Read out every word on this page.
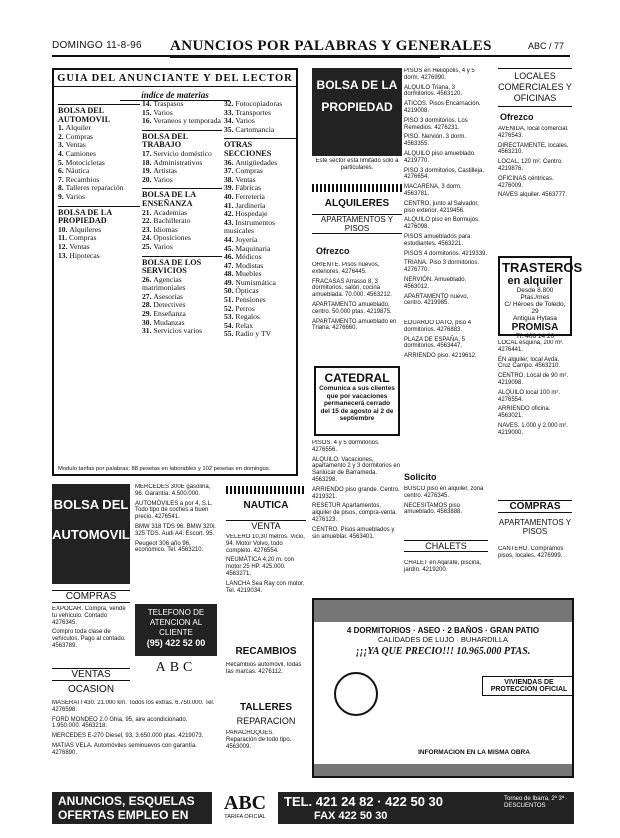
DOMINGO 11-8-96 ANUNCIOS POR PALABRAS Y GENERALES	ABC / 77
GUIA DEL ANUNCIANTE Y DEL LECTOR
índice de materias
BOLSA DEL AUTOMOVIL
1. Alquiler
2. Compras
3. Ventas
4. Camiones
5. Motocicletas
6. Náutica
7. Recambios
8. Talleres reparación
9. Varios
BOLSA DE LA PROPIEDAD
10. Alquileres
11. Compras
12. Ventas
13. Hipotecas
14. Traspasos
15. Varios
16. Veraneos y temporada
BOLSA DEL TRABAJO
17. Servicio doméstico
18. Administrativos
19. Artistas
20. Varios
BOLSA DE LA ENSEÑANZA
21. Academias
22. Bachillerato
23. Idiomas
24. Oposiciones
25. Varios
BOLSA DE LOS SERVICIOS
26. Agencias matrimoniales
27. Asesorías
28. Detectives
29. Enseñanza
30. Mudanzas
31. Servicios varios
32. Fotocopiadoras
33. Transportes
34. Varios
35. Cartomancia
OTRAS SECCIONES
36. Antigüedades
37. Compras
38. Ventas
39. Fábricas
40. Ferretería
41. Jardinería
42. Hospedaje
43. Instrumentos musicales
44. Joyería
45. Maquinaria
46. Médicos
47. Modistas
48. Muebles
49. Numismática
50. Ópticas
51. Pensiones
52. Perros
53. Regalos
54. Relax
55. Radio y TV
Modulo tarifas por palabras: 88 pesetas en laborables y 102 pesetas en domingos.
BOLSA DEL AUTOMOVIL

MERCEDES 300E gasolina, 96. Garantía. 4.500.000.

AUTOMÓVILES a por 4, S.L. Todo tipo de coches a buen precio. 4276541.

BMW 318 TDS 96. BMW 320i. 325 TDS. Audi A4. Escort. 95.

Peugeot 306 año 96, económico. Tel. 4563210.

COMPRAS

EXPOCAR. Compra, vende tu vehículo. Contado 4276345.

Compro toda clase de vehículos. Pago al contado. 4563789.

TELEFONO DE ATENCION AL CLIENTE
(95) 422 52 00
ABC
VENTAS
OCASION

MASERATI 430. 21.000 km. Todos los extras. 6.750.000. Tel. 4276598.

FORD MONDEO 2.0 Ghia, 95, aire acondicionado. 1.950.000. 4563218.

MERCEDES E-270 Diesel, 93, 3.650.000 ptas. 4219073.

MATIAS VELA. Automóviles seminuevos con garantía. 4276890.

NAUTICA
VENTA

VELERO 10,30 metros. Vicio, 94. Motor Volvo, todo completo. 4276554.

NEUMÁTICA 4,20 m. con motor 25 HP. 425.000. 4563271.

LANCHA Sea Ray con motor. Tel. 4219034.

RECAMBIOS

Recambios automóvil, todas las marcas. 4276112.

TALLERES
REPARACION

PARACHOQUES. Reparación de todo tipo. 4563009.

BOLSA DE LA PROPIEDAD

Este sector está limitado solo a particulares.

ALQUILERES
APARTAMENTOS Y PISOS
Ofrezco

ORIENTE. Pisos nuevos, exteriores. 4276445.

FRACASAS Arrasso 8, 3 dormitorios, salón, cocina amueblada. 70.000. 4563212.

APARTAMENTO amueblado, centro. 50.000 ptas. 4219875.

APARTAMENTO amueblado en Triana. 4276660.

CATEDRAL
Comunica a sus clientes que por vacaciones permanecerá cerrado del 15 de agosto al 2 de septiembre

PISOS. 4 y 5 dormitorios. 4276556.

ALQUILO. Vacaciones, apartamento 2 y 3 dormitorios en Sanlúcar de Barrameda. 4563298.

ARRIENDO piso grande. Centro. 4219321.

RESETUR Apartamentos, alquiler de pisos, compra-venta. 4276123.

CENTRO. Pisos amueblados y sin amueblar. 4563401.

PISOS en Heliópolis, 4 y 5 dorm. 4276990.

ALQUILO Triana, 3 dormitorios. 4563120.

ATICOS. Pisos Encarnación. 4219008.

PISO 3 dormitorios. Los Remedios. 4276231.

PISO. Nervión. 3 dorm. 4563355.

ALQUILO piso amueblado. 4219770.

PISO 3 dormitorios, Castilleja. 4276654.

MACARENA, 3 dorm. 4563781.

CENTRO, junto al Salvador, piso exterior. 4219456.

ALQUILO piso en Bormujos. 4276098.

PISOS amueblados para estudiantes. 4563221.

PISOS 4 dormitorios. 4219339.

TRIANA. Piso 3 dormitorios. 4276770.

NERVIÓN. Amueblado. 4563012.

APARTAMENTO nuevo, centro. 4219985.

EDUARDO DATO, piso 4 dormitorios. 4276883.

PLAZA DE ESPAÑA, 5 dormitorios. 4563447.

ARRIENDO piso. 4219612.

Solicito

BUSCO piso en alquiler, zona centro. 4276345.

NECESITAMOS piso amueblado. 4563888.

CHALETS

CHALET en Aljarafe, piscina, jardín. 4219200.

LOCALES COMERCIALES Y OFICINAS
Ofrezco

AVENIDA, local comercial. 4276543.

DIRECTAMENTE, locales. 4563210.

LOCAL, 120 m². Centro. 4219876.

OFICINAS céntricas. 4276009.

NAVES alquiler. 4563777.

TRASTEROS
en alquiler
Desde 8.800 Ptas./mes
C/ Héroes de Toledo, 29
Antigua Hytasa
PROMISA
Tf. 406 14 20

LOCAL esquina, 200 m². 4276441.

EN alquiler, local Avda. Cruz Campo. 4563210.

CENTRO. Local de 90 m². 4219098.

ALQUILO local 100 m². 4276554.

ARRIENDO oficina. 4563021.

NAVES. 1.000 y 2.000 m². 4219000.

COMPRAS
APARTAMENTOS Y PISOS

CANTERO. Compramos pisos, locales. 4276999.

4 DORMITORIOS · ASEO · 2 BAÑOS · GRAN PATIO
CALIDADES DE LUJO · BUHARDILLA
¡¡¡YA QUE PRECIO!!! 10.965.000 PTAS.
VIVIENDAS DE PROTECCIÓN OFICIAL
INFORMACION EN LA MISMA OBRA
ANUNCIOS, ESQUELAS
OFERTAS EMPLEO EN
ABC
TARIFA OFICIAL
TEL. 421 24 82 · 422 50 30
FAX 422 50 30
Torneo de Ibarra, 2º 3ª · DESCUENTOS
